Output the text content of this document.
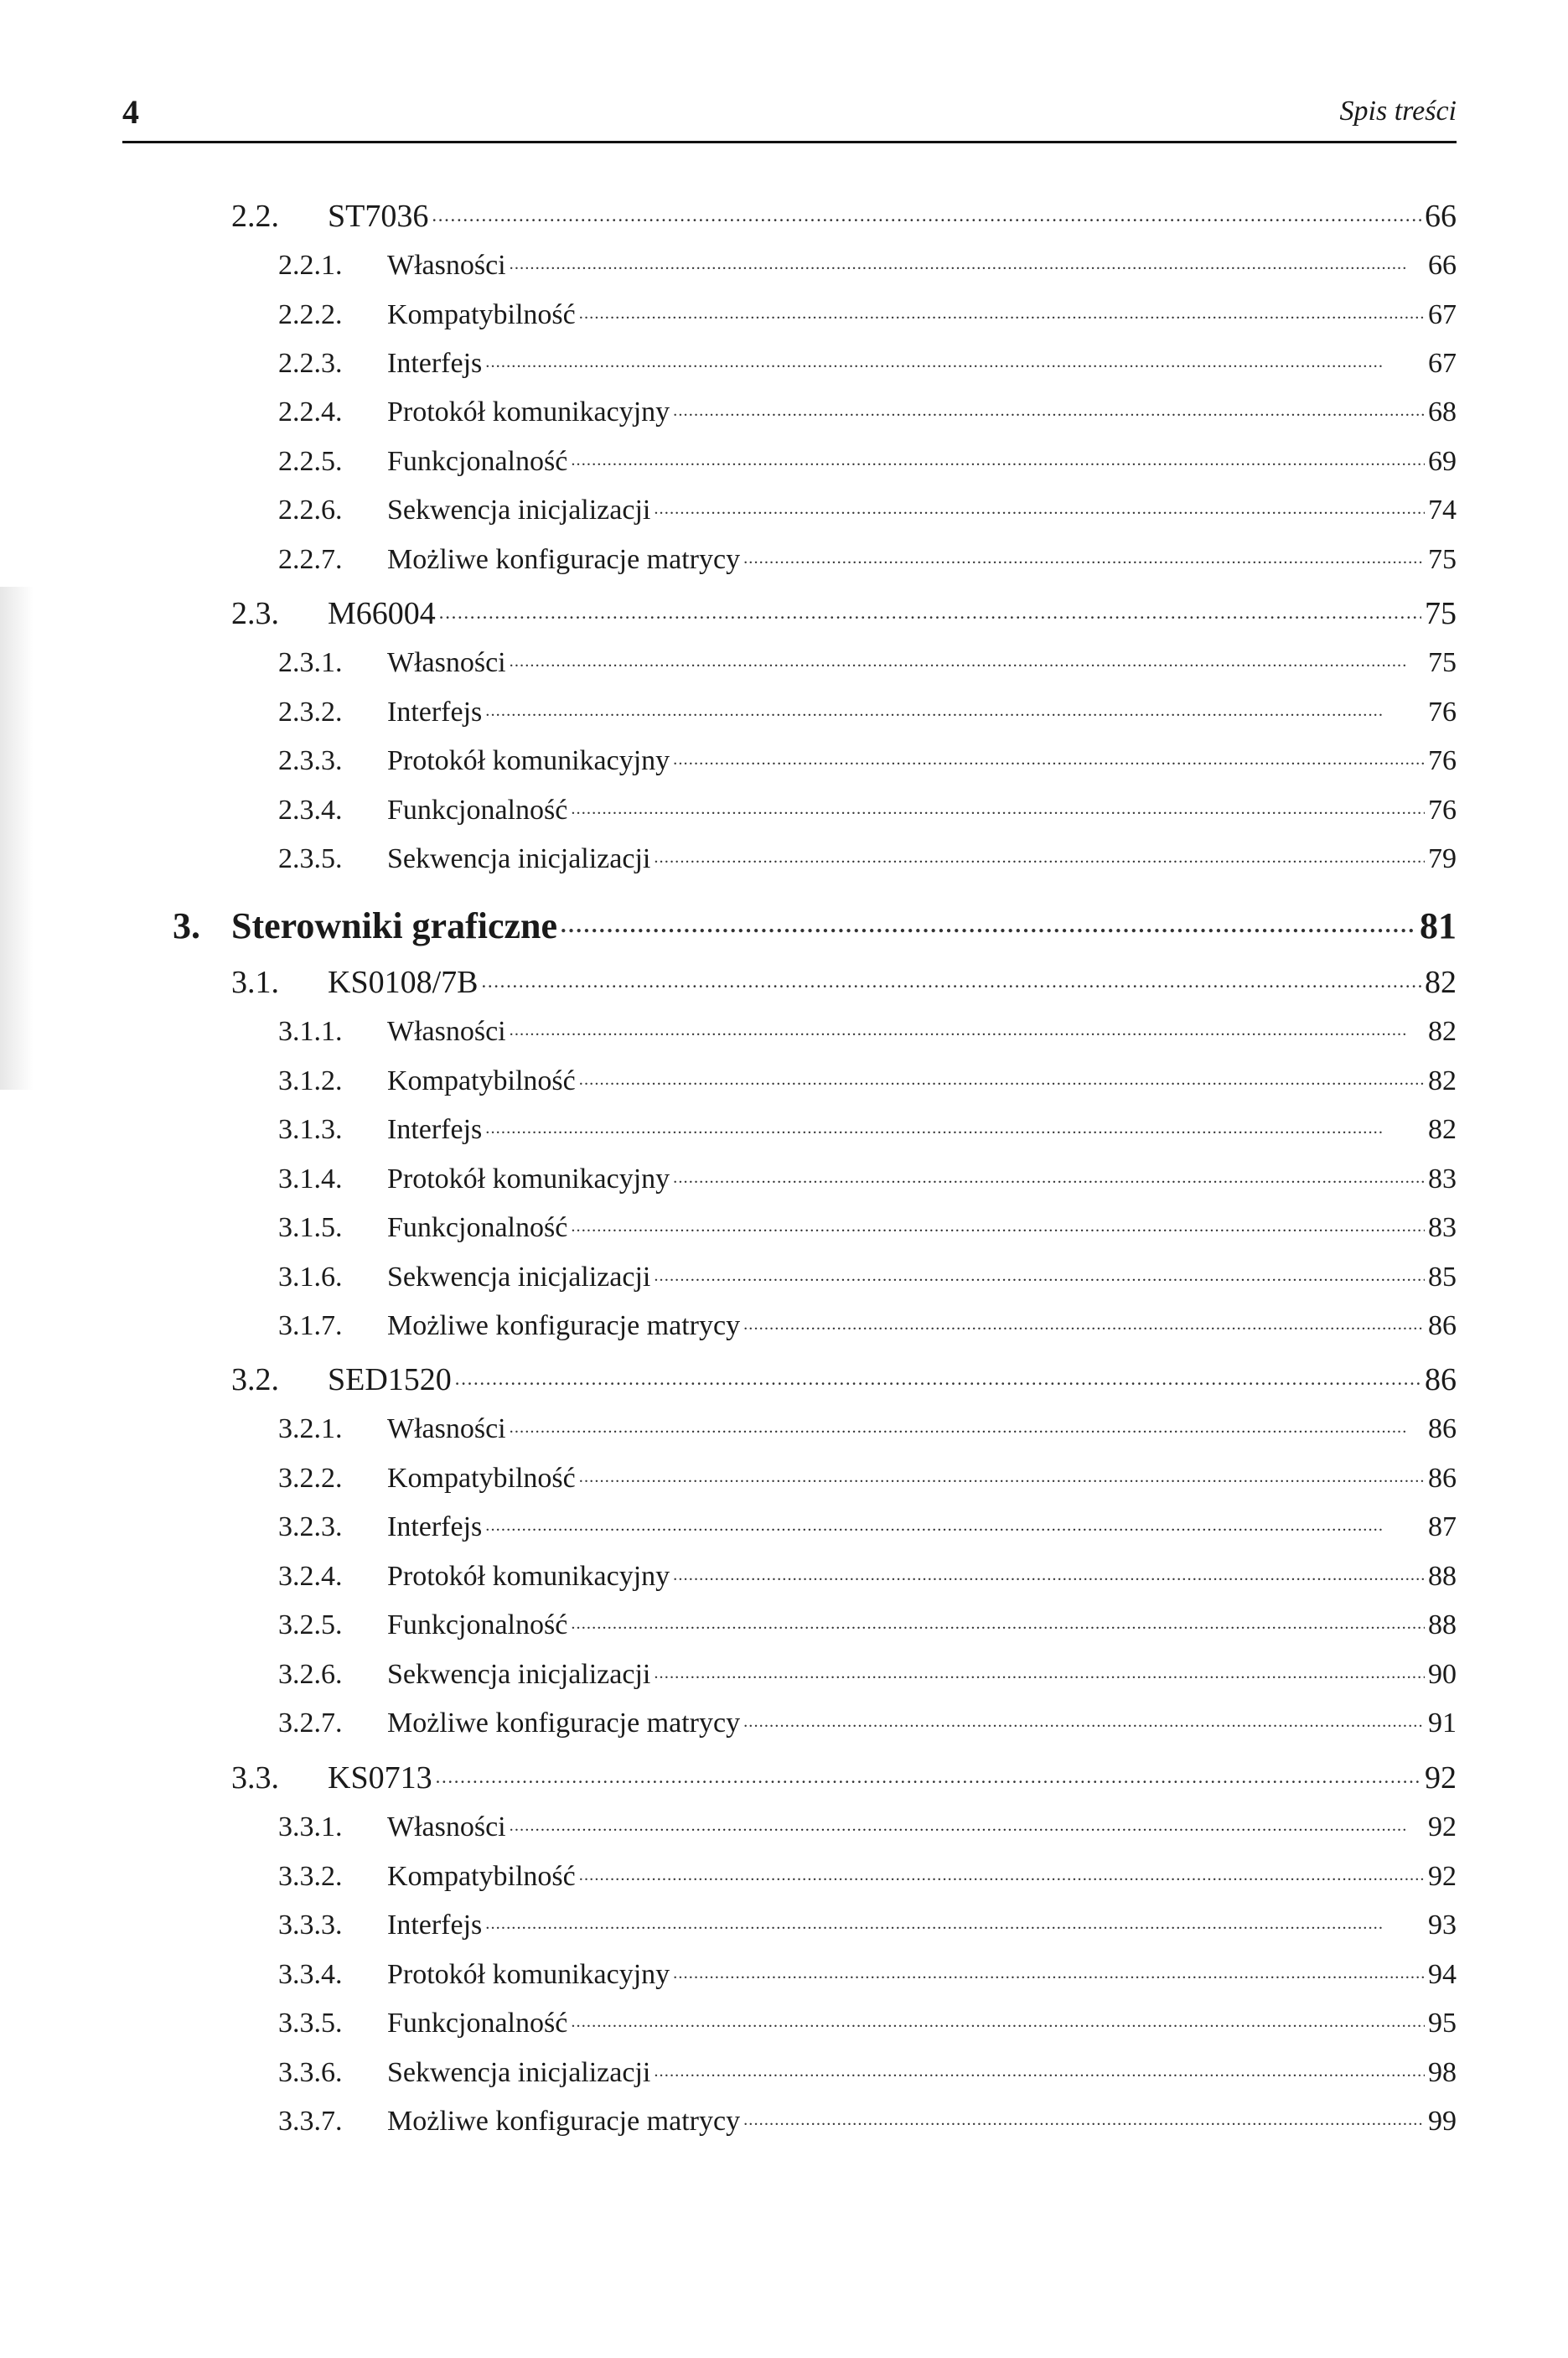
4	Spis treści
2.2.	ST7036 . . .	66
2.2.1.	Własności . . .	66
2.2.2.	Kompatybilność . . .	67
2.2.3.	Interfejs . . .	67
2.2.4.	Protokół komunikacyjny . . .	68
2.2.5.	Funkcjonalność . . .	69
2.2.6.	Sekwencja inicjalizacji . . .	74
2.2.7.	Możliwe konfiguracje matrycy . . .	75
2.3.	M66004 . . .	75
2.3.1.	Własności . . .	75
2.3.2.	Interfejs . . .	76
2.3.3.	Protokół komunikacyjny . . .	76
2.3.4.	Funkcjonalność . . .	76
2.3.5.	Sekwencja inicjalizacji . . .	79
3. Sterowniki graficzne . . .	81
3.1.	KS0108/7B . . .	82
3.1.1.	Własności . . .	82
3.1.2.	Kompatybilność . . .	82
3.1.3.	Interfejs . . .	82
3.1.4.	Protokół komunikacyjny . . .	83
3.1.5.	Funkcjonalność . . .	83
3.1.6.	Sekwencja inicjalizacji . . .	85
3.1.7.	Możliwe konfiguracje matrycy . . .	86
3.2.	SED1520 . . .	86
3.2.1.	Własności . . .	86
3.2.2.	Kompatybilność . . .	86
3.2.3.	Interfejs . . .	87
3.2.4.	Protokół komunikacyjny . . .	88
3.2.5.	Funkcjonalność . . .	88
3.2.6.	Sekwencja inicjalizacji . . .	90
3.2.7.	Możliwe konfiguracje matrycy . . .	91
3.3.	KS0713 . . .	92
3.3.1.	Własności . . .	92
3.3.2.	Kompatybilność . . .	92
3.3.3.	Interfejs . . .	93
3.3.4.	Protokół komunikacyjny . . .	94
3.3.5.	Funkcjonalność . . .	95
3.3.6.	Sekwencja inicjalizacji . . .	98
3.3.7.	Możliwe konfiguracje matrycy . . .	99
